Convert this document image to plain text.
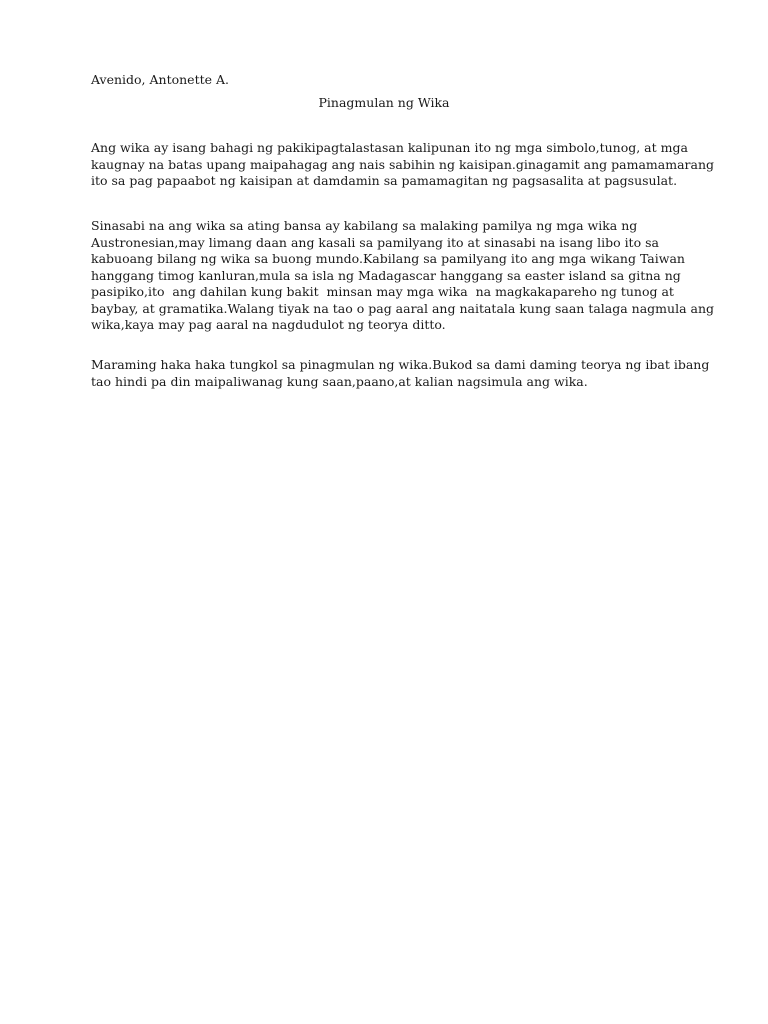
Avenido, Antonette A.
Pinagmulan ng Wika
Ang wika ay isang bahagi ng pakikipagtalastasan kalipunan ito ng mga simbolo,tunog, at mga
kaugnay na batas upang maipahagag ang nais sabihin ng kaisipan.ginagamit ang pamamamarang
ito sa pag papaabot ng kaisipan at damdamin sa pamamagitan ng pagsasalita at pagsusulat.
Sinasabi na ang wika sa ating bansa ay kabilang sa malaking pamilya ng mga wika ng
Austronesian,may limang daan ang kasali sa pamilyang ito at sinasabi na isang libo ito sa
kabuoang bilang ng wika sa buong mundo.Kabilang sa pamilyang ito ang mga wikang Taiwan
hanggang timog kanluran,mula sa isla ng Madagascar hanggang sa easter island sa gitna ng
pasipiko,ito  ang dahilan kung bakit  minsan may mga wika  na magkakapareho ng tunog at
baybay, at gramatika.Walang tiyak na tao o pag aaral ang naitatala kung saan talaga nagmula ang
wika,kaya may pag aaral na nagdudulot ng teorya ditto.
Maraming haka haka tungkol sa pinagmulan ng wika.Bukod sa dami daming teorya ng ibat ibang
tao hindi pa din maipaliwanag kung saan,paano,at kalian nagsimula ang wika.
